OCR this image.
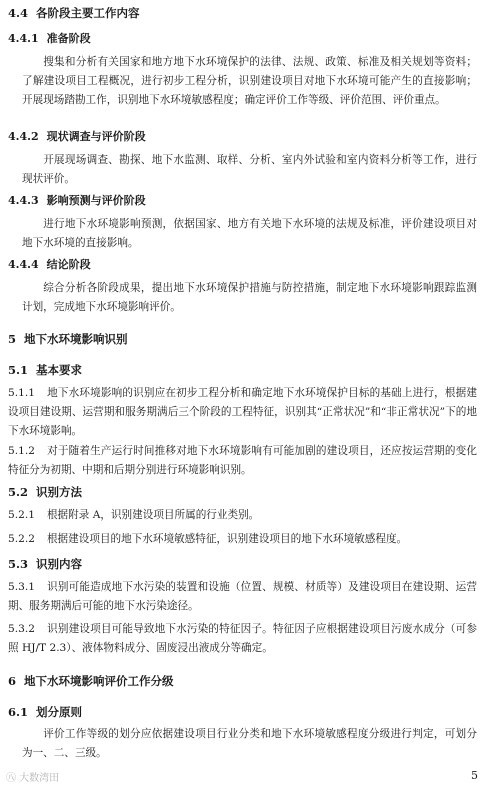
4.4 各阶段主要工作内容
4.4.1 准备阶段

搜集和分析有关国家和地方地下水环境保护的法律、法规、政策、标准及相关规划等资料；了解建设项目工程概况，进行初步工程分析，识别建设项目对地下水环境可能产生的直接影响；开展现场踏勘工作，识别地下水环境敏感程度；确定评价工作等级、评价范围、评价重点。

4.4.2 现状调查与评价阶段

开展现场调查、勘探、地下水监测、取样、分析、室内外试验和室内资料分析等工作，进行现状评价。

4.4.3 影响预测与评价阶段

进行地下水环境影响预测，依据国家、地方有关地下水环境的法规及标准，评价建设项目对地下水环境的直接影响。

4.4.4 结论阶段

综合分析各阶段成果，提出地下水环境保护措施与防控措施，制定地下水环境影响跟踪监测计划，完成地下水环境影响评价。

5 地下水环境影响识别
5.1 基本要求

5.1.1 地下水环境影响的识别应在初步工程分析和确定地下水环境保护目标的基础上进行，根据建设项目建设期、运营期和服务期满后三个阶段的工程特征，识别其“正常状况”和“非正常状况”下的地下水环境影响。

5.1.2 对于随着生产运行时间推移对地下水环境影响有可能加剧的建设项目，还应按运营期的变化特征分为初期、中期和后期分别进行环境影响识别。

5.2 识别方法

5.2.1 根据附录 A，识别建设项目所属的行业类别。

5.2.2 根据建设项目的地下水环境敏感特征，识别建设项目的地下水环境敏感程度。

5.3 识别内容

5.3.1 识别可能造成地下水污染的装置和设施（位置、规模、材质等）及建设项目在建设期、运营期、服务期满后可能的地下水污染途径。

5.3.2 识别建设项目可能导致地下水污染的特征因子。特征因子应根据建设项目污废水成分（可参照 HJ/T 2.3）、液体物料成分、固废浸出液成分等确定。

6 地下水环境影响评价工作分级
6.1 划分原则

评价工作等级的划分应依据建设项目行业分类和地下水环境敏感程度分级进行判定，可划分为一、二、三级。

㊇ 大数湾田	5
